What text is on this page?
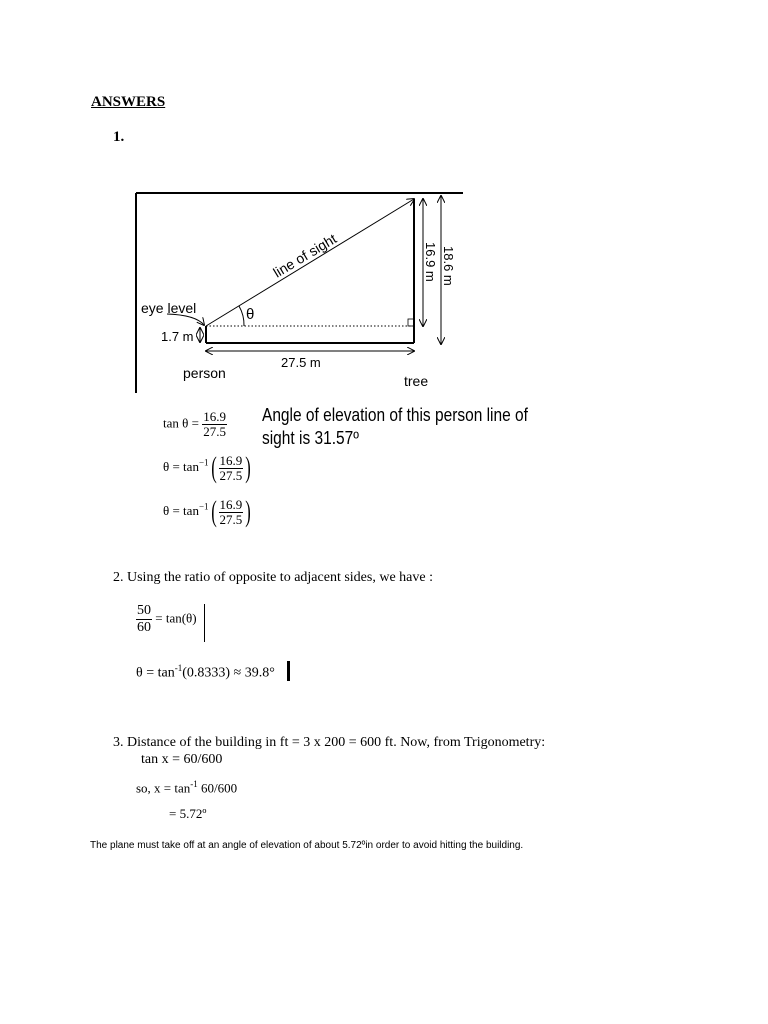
ANSWERS
1.
line of sight
eye level	θ
1.7 m
27.5 m
16.9 m 18.6 m
person	tree
$\tan \theta = \frac{16.9}{27.5}$
$\theta = \tan^{-1}( \frac{16.9}{27.5}$ )
$\theta = \tan^{-1}( \frac{16.9}{27.5}$ )
Angle of elevation of this person line of
sight is 31.57º
2. Using the ratio of opposite to adjacent sides, we have :
$\frac{50}{60} = \tan(\theta)$
$\theta = \tan^{-1}(0.8333) \approx 39.8^\circ$
3. Distance of the building in ft = 3 x 200 = 600 ft. Now, from Trigonometry:
tan x = 60/600
so, $x = \tan^{-1} 60/600$
= 5.72º
The plane must take off at an angle of elevation of about 5.72ºin order to avoid hitting the building.
